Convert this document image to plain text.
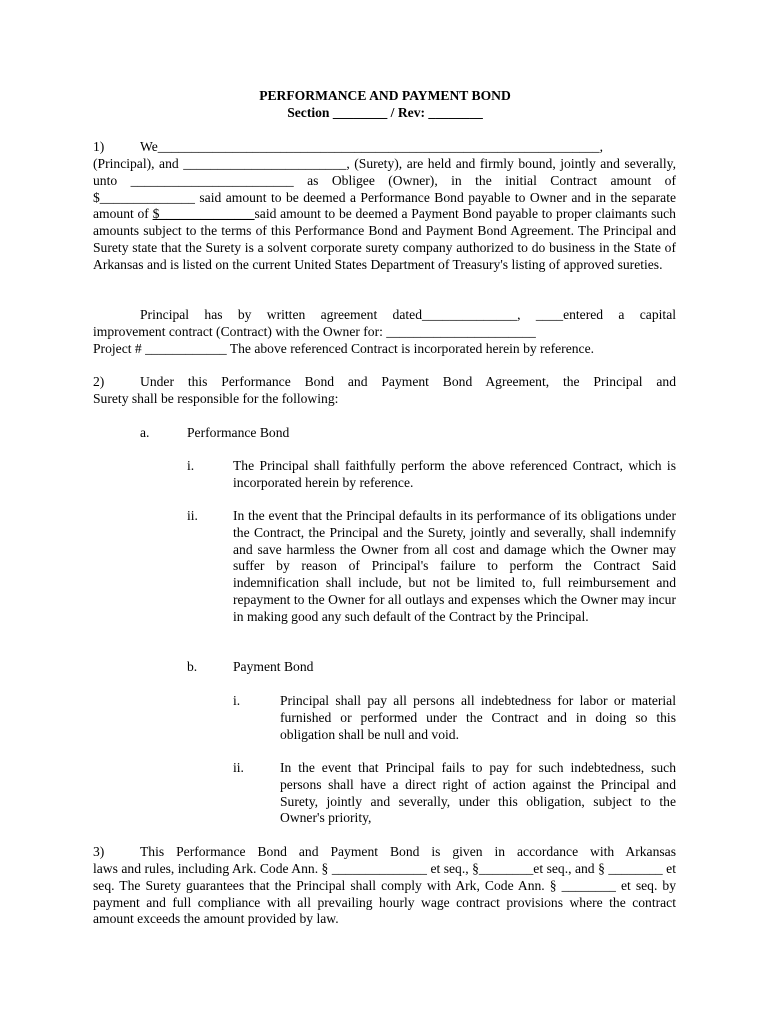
PERFORMANCE AND PAYMENT BOND

Section ________ / Rev: ________

1)	We_________________________________________________________________,

(Principal), and ________________________, (Surety), are held and firmly bound, jointly and severally, unto ________________________ as Obligee (Owner), in the initial Contract amount of $______________ said amount to be deemed a Performance Bond payable to Owner and in the separate amount of $______________said amount to be deemed a Payment Bond payable to proper claimants such amounts subject to the terms of this Performance Bond and Payment Bond Agreement. The Principal and Surety state that the Surety is a solvent corporate surety company authorized to do business in the State of Arkansas and is listed on the current United States Department of Treasury's listing of approved sureties.

Principal has by written agreement dated______________, ____entered a capital

improvement contract (Contract) with the Owner for: ______________________

Project # ____________ The above referenced Contract is incorporated herein by reference.

2)	Under this Performance Bond and Payment Bond Agreement, the Principal and

Surety shall be responsible for the following:

a.	Performance Bond

i.	The Principal shall faithfully perform the above referenced Contract, which is incorporated herein by reference.

ii.	In the event that the Principal defaults in its performance of its obligations under the Contract, the Principal and the Surety, jointly and severally, shall indemnify and save harmless the Owner from all cost and damage which the Owner may suffer by reason of Principal's failure to perform the Contract Said indemnification shall include, but not be limited to, full reimbursement and repayment to the Owner for all outlays and expenses which the Owner may incur in making good any such default of the Contract by the Principal.

b.	Payment Bond

i.	Principal shall pay all persons all indebtedness for labor or material furnished or performed under the Contract and in doing so this obligation shall be null and void.

ii.	In the event that Principal fails to pay for such indebtedness, such persons shall have a direct right of action against the Principal and Surety, jointly and severally, under this obligation, subject to the Owner's priority,

3)	This Performance Bond and Payment Bond is given in accordance with Arkansas

laws and rules, including Ark. Code Ann. § ______________ et seq., §________et seq., and § ________ et seq. The Surety guarantees that the Principal shall comply with Ark, Code Ann. § ________ et seq. by payment and full compliance with all prevailing hourly wage contract provisions where the contract amount exceeds the amount provided by law.
